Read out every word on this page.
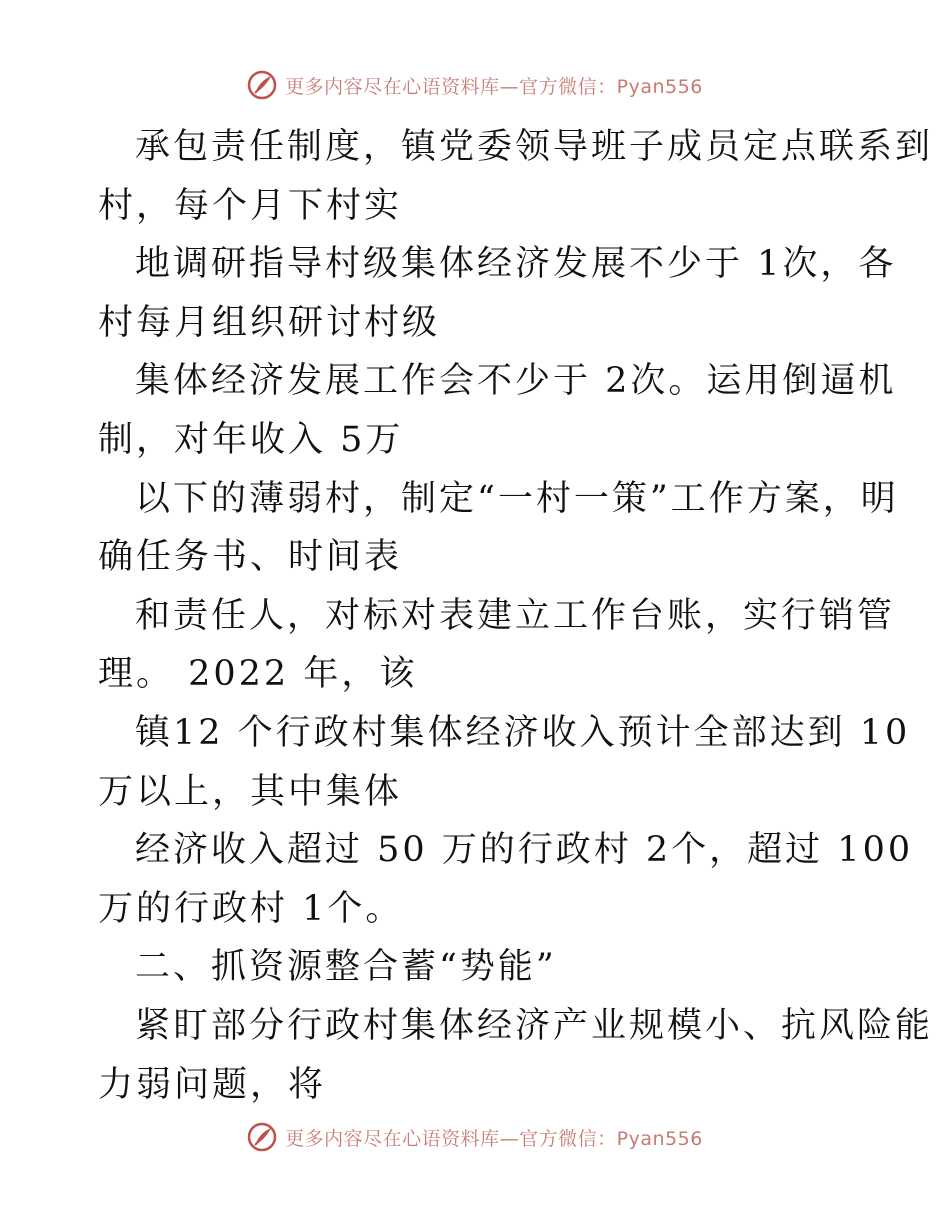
更多内容尽在心语资料库—官方微信：Pyan556
承包责任制度，镇党委领导班子成员定点联系到
村，每个月下村实
地调研指导村级集体经济发展不少于 1次，各
村每月组织研讨村级
集体经济发展工作会不少于 2次。运用倒逼机
制，对年收入 5万
以下的薄弱村，制定“一村一策”工作方案，明
确任务书、时间表
和责任人，对标对表建立工作台账，实行销管
理。 2022 年，该
镇12 个行政村集体经济收入预计全部达到 10
万以上，其中集体
经济收入超过 50 万的行政村 2个，超过 100
万的行政村 1个。
二、抓资源整合蓄“势能”
紧盯部分行政村集体经济产业规模小、抗风险能
力弱问题，将
更多内容尽在心语资料库—官方微信：Pyan556
